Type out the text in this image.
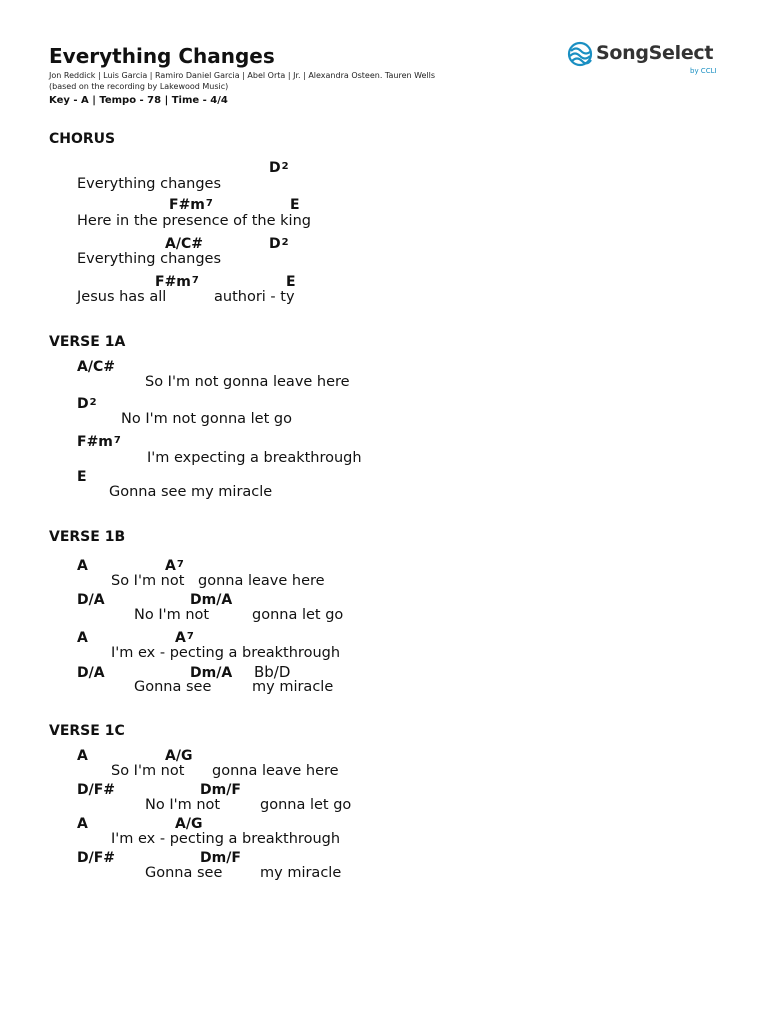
Everything Changes
Jon Reddick | Luis Garcia | Ramiro Daniel Garcia | Abel Orta | Jr. | Alexandra Osteen. Tauren Wells
(based on the recording by Lakewood Music)
Key - A | Tempo - 78 | Time - 4/4
SongSelect
by CCLI
CHORUS
$D^2$
Everything changes
$F\#m^7$	E
Here in the presence of the king
A/C#	$D^2$
Everything changes
$F\#m^7$	E
Jesus has all	authori - ty
VERSE 1A
A/C#
So I'm not gonna leave here
$D^2$
No I'm not gonna let go
$F\#m^7$
I'm expecting a breakthrough
E
Gonna see my miracle
VERSE 1B
A	$A^7$
So I'm not gonna leave here
D/A	Dm/A
No I'm not	gonna let go
A	$A^7$
I'm ex - pecting a breakthrough
D/A	Dm/A Bb/D
Gonna see	my miracle
VERSE 1C
A	A/G
So I'm not gonna leave here
D/F#	Dm/F
No I'm not	gonna let go
A	A/G
I'm ex - pecting a breakthrough
D/F#	Dm/F
Gonna see	my miracle
